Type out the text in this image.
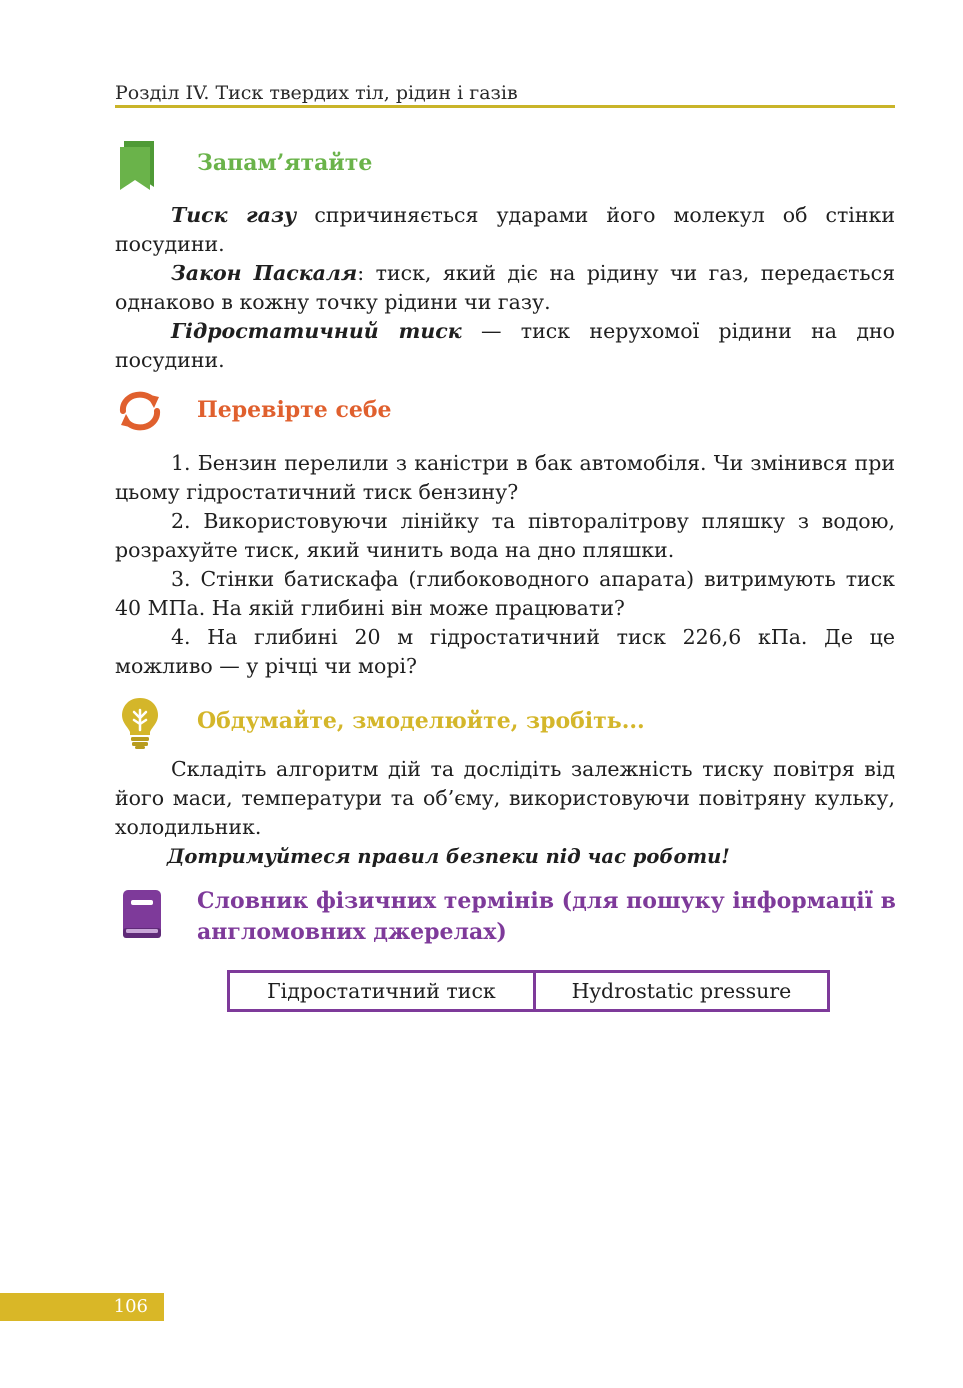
Розділ IV. Тиск твердих тіл, рідин і газів
Запам’ятайте

Тиск газу спричиняється ударами його молекул об стінки посудини.

Закон Паскаля: тиск, який діє на рідину чи газ, передається однаково в кожну точку рідини чи газу.

Гідростатичний тиск — тиск нерухомої рідини на дно посудини.

Перевірте себе

1. Бензин перелили з каністри в бак автомобіля. Чи змінився при цьому гідростатичний тиск бензину?

2. Використовуючи лінійку та півторалітрову пляшку з водою, розрахуйте тиск, який чинить вода на дно пляшки.

3. Стінки батискафа (глибоководного апарата) витримують тиск 40 МПа. На якій глибині він може працювати?

4. На глибині 20 м гідростатичний тиск 226,6 кПа. Де це можливо — у річці чи морі?

Обдумайте, змоделюйте, зробіть...

Складіть алгоритм дій та дослідіть залежність тиску повітря від його маси, температури та об’єму, використовуючи повітряну кульку, холодильник.

Дотримуйтеся правил безпеки під час роботи!

Словник фізичних термінів (для пошуку інформації в англомовних джерелах)
Гідростатичний тиск	Hydrostatic pressure
106
